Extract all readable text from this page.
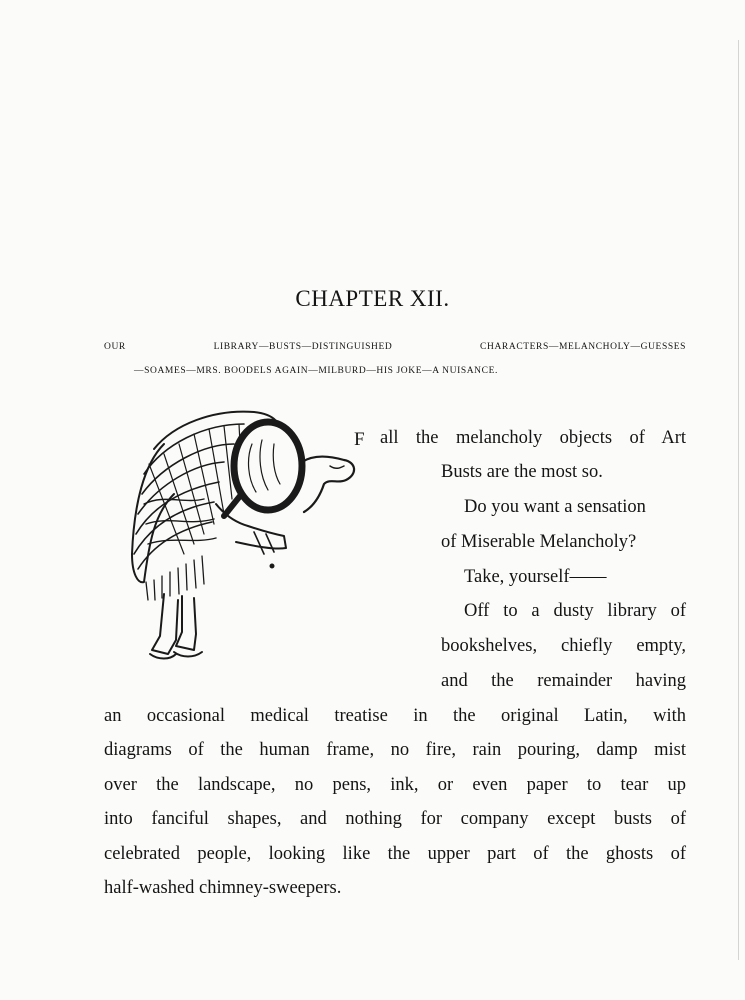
CHAPTER XII.
OUR LIBRARY—BUSTS—DISTINGUISHED CHARACTERS—MELANCHOLY—GUESSES
—SOAMES—MRS. BOODELS AGAIN—MILBURD—HIS JOKE—A NUISANCE.
F all the melancholy objects of Art
Busts are the most so.
Do you want a sensation
of Miserable Melancholy?
Take, yourself——
Off to a dusty library of
bookshelves, chiefly empty,
and the remainder having
an occasional medical treatise in the original Latin, with
diagrams of the human frame, no fire, rain pouring, damp mist
over the landscape, no pens, ink, or even paper to tear up
into fanciful shapes, and nothing for company except busts of
celebrated people, looking like the upper part of the ghosts of
half-washed chimney-sweepers.
